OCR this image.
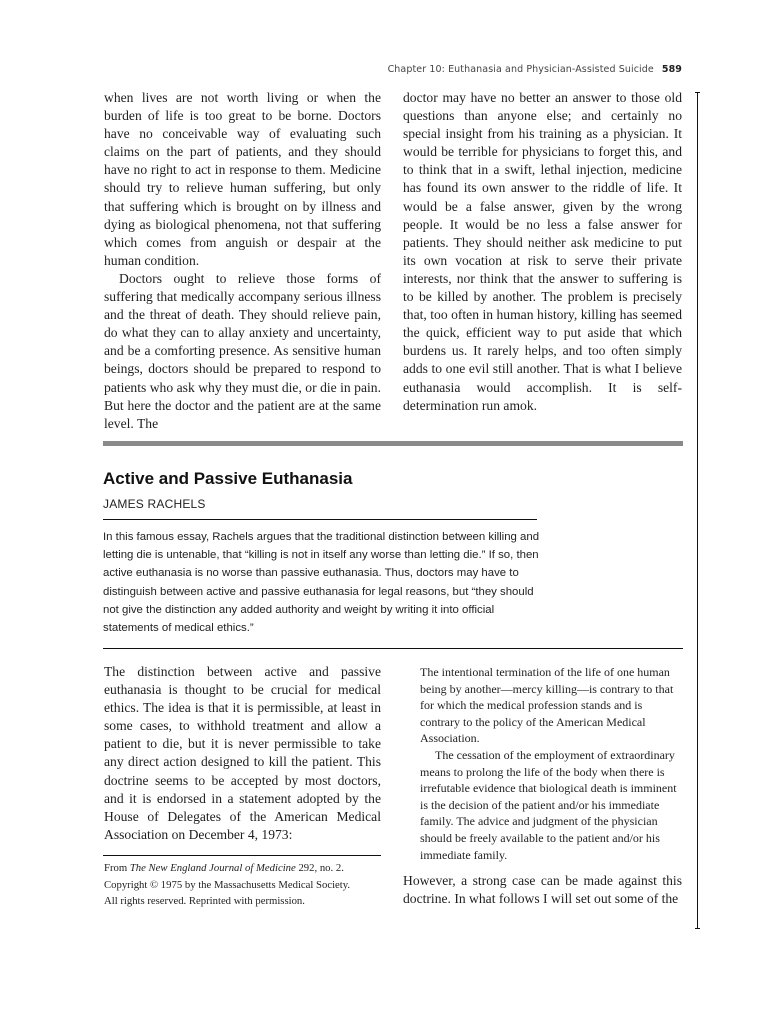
Chapter 10: Euthanasia and Physician-Assisted Suicide 589

when lives are not worth living or when the burden of life is too great to be borne. Doctors have no conceivable way of evaluating such claims on the part of patients, and they should have no right to act in response to them. Medicine should try to relieve human suffering, but only that suffering which is brought on by illness and dying as biological phenomena, not that suffering which comes from anguish or despair at the human condition.

Doctors ought to relieve those forms of suffering that medically accompany serious illness and the threat of death. They should relieve pain, do what they can to allay anxiety and uncertainty, and be a comforting presence. As sensitive human beings, doctors should be prepared to respond to patients who ask why they must die, or die in pain. But here the doctor and the patient are at the same level. The

doctor may have no better an answer to those old questions than anyone else; and certainly no special insight from his training as a physician. It would be terrible for physicians to forget this, and to think that in a swift, lethal injection, medicine has found its own answer to the riddle of life. It would be a false answer, given by the wrong people. It would be no less a false answer for patients. They should neither ask medicine to put its own vocation at risk to serve their private interests, nor think that the answer to suffering is to be killed by another. The problem is precisely that, too often in human history, killing has seemed the quick, efficient way to put aside that which burdens us. It rarely helps, and too often simply adds to one evil still another. That is what I believe euthanasia would accomplish. It is self-determination run amok.

Active and Passive Euthanasia
JAMES RACHELS
In this famous essay, Rachels argues that the traditional distinction between killing and letting die is untenable, that “killing is not in itself any worse than letting die.” If so, then active euthanasia is no worse than passive euthanasia. Thus, doctors may have to distinguish between active and passive euthanasia for legal reasons, but “they should not give the distinction any added authority and weight by writing it into official statements of medical ethics.”

The distinction between active and passive euthanasia is thought to be crucial for medical ethics. The idea is that it is permissible, at least in some cases, to withhold treatment and allow a patient to die, but it is never permissible to take any direct action designed to kill the patient. This doctrine seems to be accepted by most doctors, and it is endorsed in a statement adopted by the House of Delegates of the American Medical Association on December 4, 1973:

From The New England Journal of Medicine 292, no. 2.
Copyright © 1975 by the Massachusetts Medical Society.
All rights reserved. Reprinted with permission.

The intentional termination of the life of one human being by another—mercy killing—is contrary to that for which the medical profession stands and is contrary to the policy of the American Medical Association.

The cessation of the employment of extraordinary means to prolong the life of the body when there is irrefutable evidence that biological death is imminent is the decision of the patient and/or his immediate family. The advice and judgment of the physician should be freely available to the patient and/or his immediate family.

However, a strong case can be made against this doctrine. In what follows I will set out some of the
